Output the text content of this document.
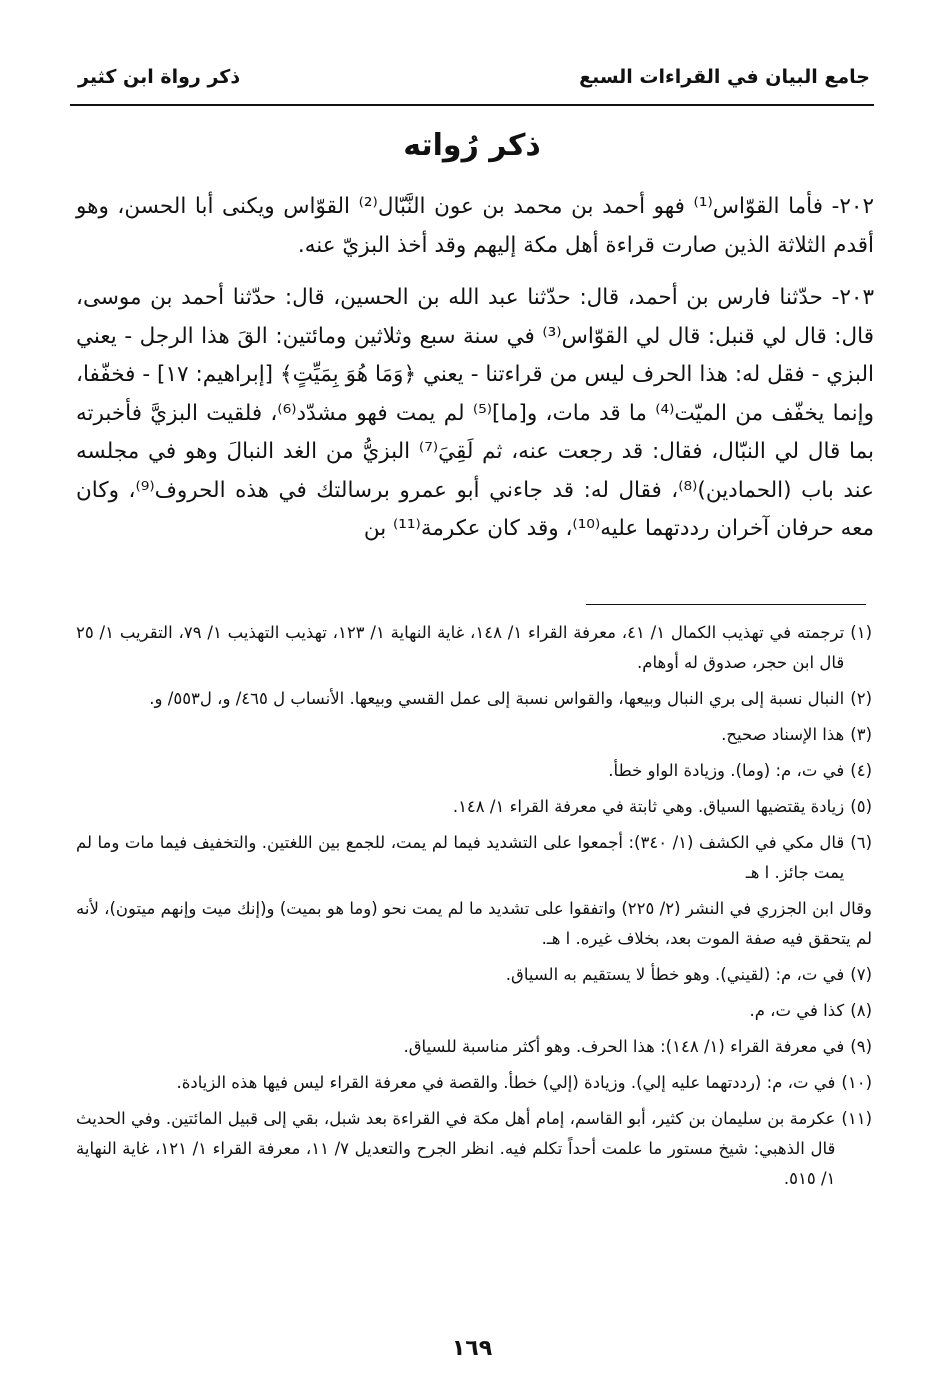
جامع البيان في القراءات السبع
ذكر رواة ابن كثير
ذكر رُواته

٢٠٢- فأما القوّاس⁽¹⁾ فهو أحمد بن محمد بن عون النَّبّال⁽²⁾ القوّاس ويكنى أبا الحسن، وهو أقدم الثلاثة الذين صارت قراءة أهل مكة إليهم وقد أخذ البزيّ عنه.

٢٠٣- حدّثنا فارس بن أحمد، قال: حدّثنا عبد الله بن الحسين، قال: حدّثنا أحمد بن موسى، قال: قال لي قنبل: قال لي القوّاس⁽³⁾ في سنة سبع وثلاثين ومائتين: القَ هذا الرجل - يعني البزي - فقل له: هذا الحرف ليس من قراءتنا - يعني ﴿وَمَا هُوَ بِمَيِّتٍ﴾ [إبراهيم: ١٧] - فخفّفا، وإنما يخفّف من الميّت⁽⁴⁾ ما قد مات، و[ما]⁽⁵⁾ لم يمت فهو مشدّد⁽⁶⁾، فلقيت البزيَّ فأخبرته بما قال لي النبّال، فقال: قد رجعت عنه، ثم لَقِيَ⁽⁷⁾ البزيُّ من الغد النبالَ وهو في مجلسه عند باب (الحمادين)⁽⁸⁾، فقال له: قد جاءني أبو عمرو برسالتك في هذه الحروف⁽⁹⁾، وكان معه حرفان آخران رددتهما عليه⁽¹⁰⁾، وقد كان عكرمة⁽¹¹⁾ بن

(١)
ترجمته في تهذيب الكمال ١/ ٤١، معرفة القراء ١/ ١٤٨، غاية النهاية ١/ ١٢٣، تهذيب التهذيب ١/ ٧٩، التقريب ١/ ٢٥ قال ابن حجر، صدوق له أوهام.
(٢)
النبال نسبة إلى بري النبال وبيعها، والقواس نسبة إلى عمل القسي وبيعها. الأنساب ل ٤٦٥/ و، ل٥٥٣/ و.
(٣)
هذا الإسناد صحيح.
(٤)
في ت، م: (وما). وزيادة الواو خطأ.
(٥)
زيادة يقتضيها السياق. وهي ثابتة في معرفة القراء ١/ ١٤٨.
(٦)
قال مكي في الكشف (١/ ٣٤٠): أجمعوا على التشديد فيما لم يمت، للجمع بين اللغتين. والتخفيف فيما مات وما لم يمت جائز. ا هـ
وقال ابن الجزري في النشر (٢/ ٢٢٥) واتفقوا على تشديد ما لم يمت نحو (وما هو بميت) و(إنك ميت وإنهم ميتون)، لأنه لم يتحقق فيه صفة الموت بعد، بخلاف غيره. ا هـ.
(٧)
في ت، م: (لقيني). وهو خطأ لا يستقيم به السياق.
(٨)
كذا في ت، م.
(٩)
في معرفة القراء (١/ ١٤٨): هذا الحرف. وهو أكثر مناسبة للسياق.
(١٠)
في ت، م: (رددتهما عليه إلي). وزيادة (إلي) خطأ. والقصة في معرفة القراء ليس فيها هذه الزيادة.
(١١)
عكرمة بن سليمان بن كثير، أبو القاسم، إمام أهل مكة في القراءة بعد شبل، بقي إلى قبيل المائتين. وفي الحديث قال الذهبي: شيخ مستور ما علمت أحداً تكلم فيه. انظر الجرح والتعديل ٧/ ١١، معرفة القراء ١/ ١٢١، غاية النهاية ١/ ٥١٥.
١٦٩
